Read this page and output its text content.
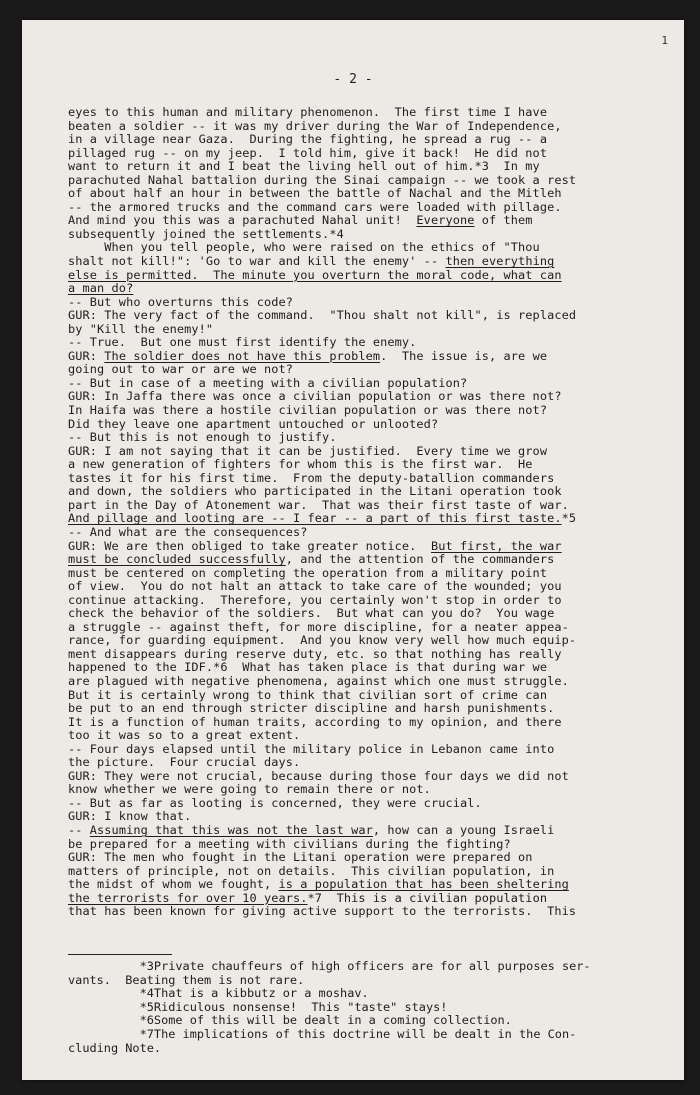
1
- 2 -
eyes to this human and military phenomenon.  The first time I have
beaten a soldier -- it was my driver during the War of Independence,
in a village near Gaza.  During the fighting, he spread a rug -- a
pillaged rug -- on my jeep.  I told him, give it back!  He did not
want to return it and I beat the living hell out of him.*3  In my
parachuted Nahal battalion during the Sinai campaign -- we took a rest
of about half an hour in between the battle of Nachal and the Mitleh
-- the armored trucks and the command cars were loaded with pillage.
And mind you this was a parachuted Nahal unit!  Everyone of them
subsequently joined the settlements.*4
When you tell people, who were raised on the ethics of "Thou
shalt not kill!": 'Go to war and kill the enemy' -- then everything
else is permitted.  The minute you overturn the moral code, what can
a man do?
-- But who overturns this code?
GUR: The very fact of the command.  "Thou shalt not kill", is replaced
by "Kill the enemy!"
-- True.  But one must first identify the enemy.
GUR: The soldier does not have this problem.  The issue is, are we
going out to war or are we not?
-- But in case of a meeting with a civilian population?
GUR: In Jaffa there was once a civilian population or was there not?
In Haifa was there a hostile civilian population or was there not?
Did they leave one apartment untouched or unlooted?
-- But this is not enough to justify.
GUR: I am not saying that it can be justified.  Every time we grow
a new generation of fighters for whom this is the first war.  He
tastes it for his first time.  From the deputy-batallion commanders
and down, the soldiers who participated in the Litani operation took
part in the Day of Atonement war.  That was their first taste of war.
And pillage and looting are -- I fear -- a part of this first taste.*5
-- And what are the consequences?
GUR: We are then obliged to take greater notice.  But first, the war
must be concluded successfully, and the attention of the commanders
must be centered on completing the operation from a military point
of view.  You do not halt an attack to take care of the wounded; you
continue attacking.  Therefore, you certainly won't stop in order to
check the behavior of the soldiers.  But what can you do?  You wage
a struggle -- against theft, for more discipline, for a neater appea-
rance, for guarding equipment.  And you know very well how much equip-
ment disappears during reserve duty, etc. so that nothing has really
happened to the IDF.*6  What has taken place is that during war we
are plagued with negative phenomena, against which one must struggle.
But it is certainly wrong to think that civilian sort of crime can
be put to an end through stricter discipline and harsh punishments.
It is a function of human traits, according to my opinion, and there
too it was so to a great extent.
-- Four days elapsed until the military police in Lebanon came into
the picture.  Four crucial days.
GUR: They were not crucial, because during those four days we did not
know whether we were going to remain there or not.
-- But as far as looting is concerned, they were crucial.
GUR: I know that.
-- Assuming that this was not the last war, how can a young Israeli
be prepared for a meeting with civilians during the fighting?
GUR: The men who fought in the Litani operation were prepared on
matters of principle, not on details.  This civilian population, in
the midst of whom we fought, is a population that has been sheltering
the terrorists for over 10 years.*7  This is a civilian population
that has been known for giving active support to the terrorists.  This
*3Private chauffeurs of high officers are for all purposes ser-
vants.  Beating them is not rare.
*4That is a kibbutz or a moshav.
*5Ridiculous nonsense!  This "taste" stays!
*6Some of this will be dealt in a coming collection.
*7The implications of this doctrine will be dealt in the Con-
cluding Note.
